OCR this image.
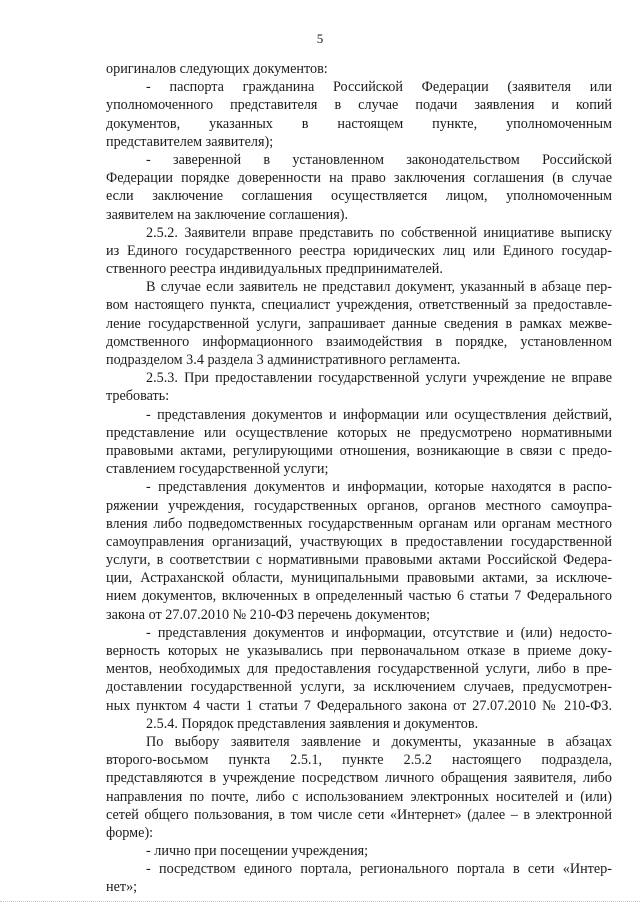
5
оригиналов следующих документов:
- паспорта гражданина Российской Федерации (заявителя или
уполномоченного представителя в случае подачи заявления и копий
документов, указанных в настоящем пункте, уполномоченным
представителем заявителя);
- заверенной в установленном законодательством Российской
Федерации порядке доверенности на право заключения соглашения (в случае
если заключение соглашения осуществляется лицом, уполномоченным
заявителем на заключение соглашения).
2.5.2. Заявители вправе представить по собственной инициативе выписку
из Единого государственного реестра юридических лиц или Единого государ-
ственного реестра индивидуальных предпринимателей.
В случае если заявитель не представил документ, указанный в абзаце пер-
вом настоящего пункта, специалист учреждения, ответственный за предоставле-
ление государственной услуги, запрашивает данные сведения в рамках межве-
домственного информационного взаимодействия в порядке, установленном
подразделом 3.4 раздела 3 административного регламента.
2.5.3. При предоставлении государственной услуги учреждение не вправе
требовать:
- представления документов и информации или осуществления действий,
представление или осуществление которых не предусмотрено нормативными
правовыми актами, регулирующими отношения, возникающие в связи с предо-
ставлением государственной услуги;
- представления документов и информации, которые находятся в распо-
ряжении учреждения, государственных органов, органов местного самоупра-
вления либо подведомственных государственным органам или органам местного
самоуправления организаций, участвующих в предоставлении государственной
услуги, в соответствии с нормативными правовыми актами Российской Федера-
ции, Астраханской области, муниципальными правовыми актами, за исключе-
нием документов, включенных в определенный частью 6 статьи 7 Федерального
закона от 27.07.2010 № 210-ФЗ перечень документов;
- представления документов и информации, отсутствие и (или) недосто-
верность которых не указывались при первоначальном отказе в приеме доку-
ментов, необходимых для предоставления государственной услуги, либо в пре-
доставлении государственной услуги, за исключением случаев, предусмотрен-
ных пунктом 4 части 1 статьи 7 Федерального закона от 27.07.2010 № 210-ФЗ.
2.5.4. Порядок представления заявления и документов.
По выбору заявителя заявление и документы, указанные в абзацах
второго-восьмом пункта 2.5.1, пункте 2.5.2 настоящего подраздела,
представляются в учреждение посредством личного обращения заявителя, либо
направления по почте, либо с использованием электронных носителей и (или)
сетей общего пользования, в том числе сети «Интернет» (далее – в электронной
форме):
- лично при посещении учреждения;
- посредством единого портала, регионального портала в сети «Интер-
нет»;
